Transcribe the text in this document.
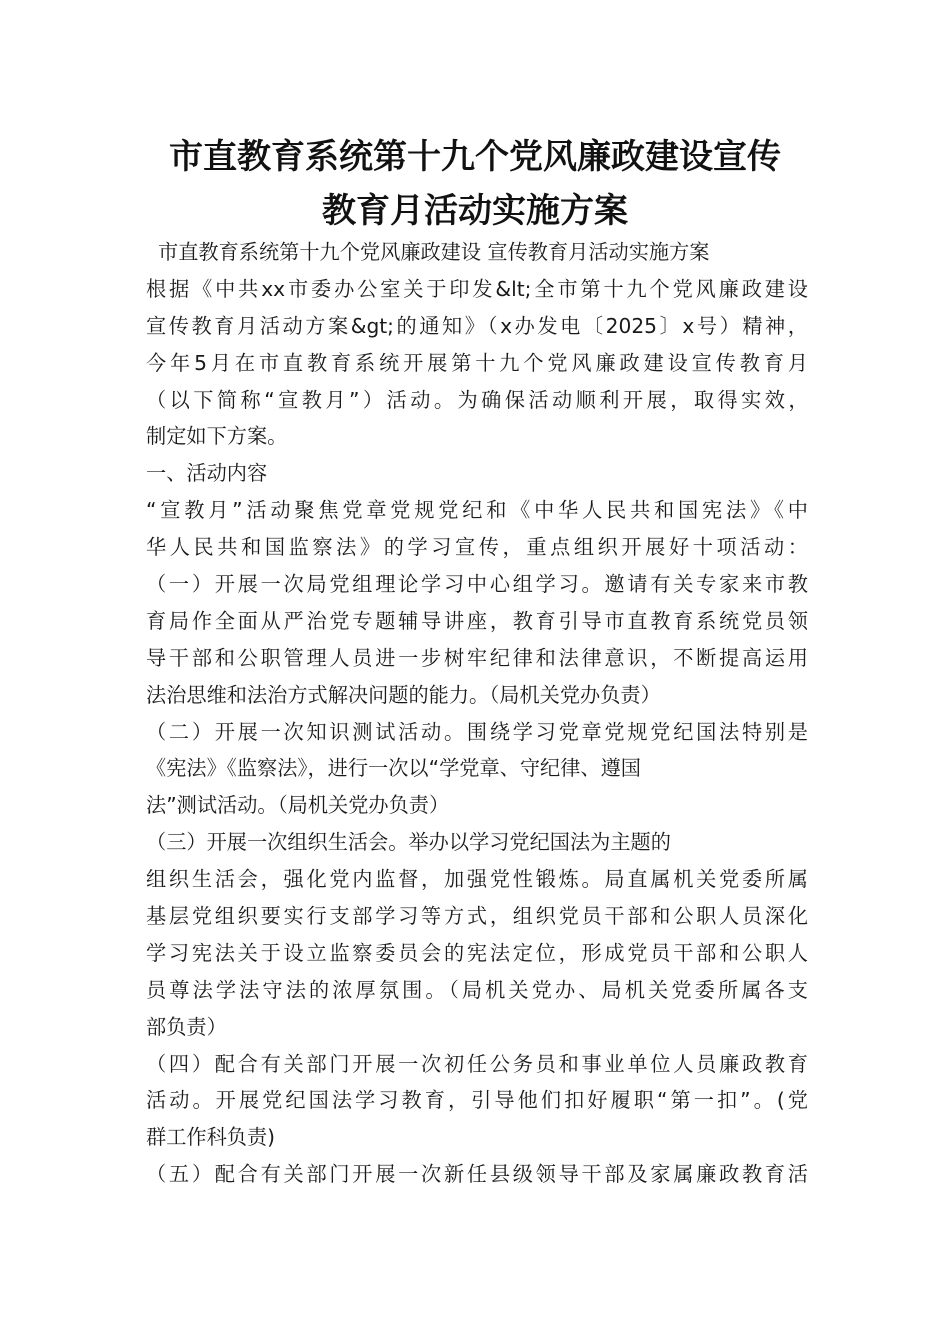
市直教育系统第十九个党风廉政建设宣传
教育月活动实施方案
市直教育系统第十九个党风廉政建设 宣传教育月活动实施方案
根据《中共xx市委办公室关于印发&lt;全市第十九个党风廉政建设
宣传教育月活动方案&gt;的通知》（x办发电〔2025〕x号）精神，
今年5月在市直教育系统开展第十九个党风廉政建设宣传教育月
（以下简称“宣教月”）活动。为确保活动顺利开展，取得实效，
制定如下方案。
一、活动内容
“宣教月”活动聚焦党章党规党纪和《中华人民共和国宪法》《中
华人民共和国监察法》的学习宣传，重点组织开展好十项活动：
（一）开展一次局党组理论学习中心组学习。邀请有关专家来市教
育局作全面从严治党专题辅导讲座，教育引导市直教育系统党员领
导干部和公职管理人员进一步树牢纪律和法律意识，不断提高运用
法治思维和法治方式解决问题的能力。（局机关党办负责）
（二）开展一次知识测试活动。围绕学习党章党规党纪国法特别是
《宪法》《监察法》，进行一次以“学党章、守纪律、遵国
法”测试活动。（局机关党办负责）
（三）开展一次组织生活会。举办以学习党纪国法为主题的
组织生活会，强化党内监督，加强党性锻炼。局直属机关党委所属
基层党组织要实行支部学习等方式，组织党员干部和公职人员深化
学习宪法关于设立监察委员会的宪法定位，形成党员干部和公职人
员尊法学法守法的浓厚氛围。（局机关党办、局机关党委所属各支
部负责）
（四）配合有关部门开展一次初任公务员和事业单位人员廉政教育
活动。开展党纪国法学习教育，引导他们扣好履职“第一扣”。(党
群工作科负责)
（五）配合有关部门开展一次新任县级领导干部及家属廉政教育活
